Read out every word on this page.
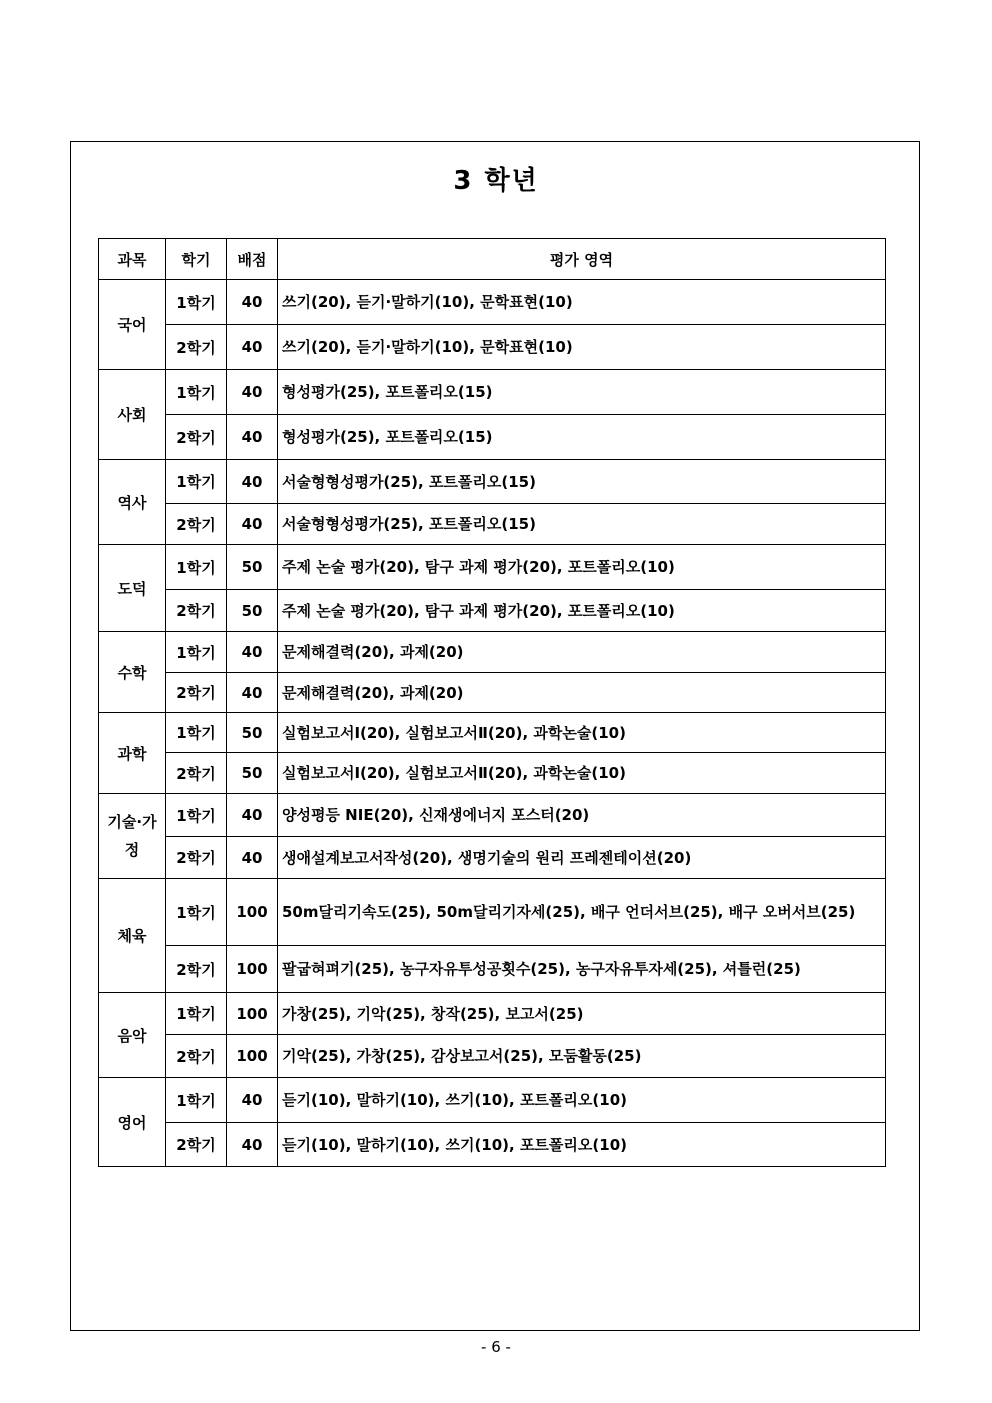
3 학년
과목	학기	배점	평가 영역
국어	1학기	40	쓰기(20), 듣기·말하기(10), 문학표현(10)
	2학기	40	쓰기(20), 듣기·말하기(10), 문학표현(10)
사회	1학기	40	형성평가(25), 포트폴리오(15)
	2학기	40	형성평가(25), 포트폴리오(15)
역사	1학기	40	서술형형성평가(25), 포트폴리오(15)
	2학기	40	서술형형성평가(25), 포트폴리오(15)
도덕	1학기	50	주제 논술 평가(20), 탐구 과제 평가(20), 포트폴리오(10)
	2학기	50	주제 논술 평가(20), 탐구 과제 평가(20), 포트폴리오(10)
수학	1학기	40	문제해결력(20), 과제(20)
	2학기	40	문제해결력(20), 과제(20)
과학	1학기	50	실험보고서Ⅰ(20), 실험보고서Ⅱ(20), 과학논술(10)
	2학기	50	실험보고서Ⅰ(20), 실험보고서Ⅱ(20), 과학논술(10)
기술·가정	1학기	40	양성평등 NIE(20), 신재생에너지 포스터(20)
	2학기	40	생애설계보고서작성(20), 생명기술의 원리 프레젠테이션(20)
체육	1학기	100	50m달리기속도(25), 50m달리기자세(25), 배구 언더서브(25), 배구 오버서브(25)
	2학기	100	팔굽혀펴기(25), 농구자유투성공횟수(25), 농구자유투자세(25), 셔틀런(25)
음악	1학기	100	가창(25), 기악(25), 창작(25), 보고서(25)
	2학기	100	기악(25), 가창(25), 감상보고서(25), 모둠활동(25)
영어	1학기	40	듣기(10), 말하기(10), 쓰기(10), 포트폴리오(10)
	2학기	40	듣기(10), 말하기(10), 쓰기(10), 포트폴리오(10)
- 6 -
